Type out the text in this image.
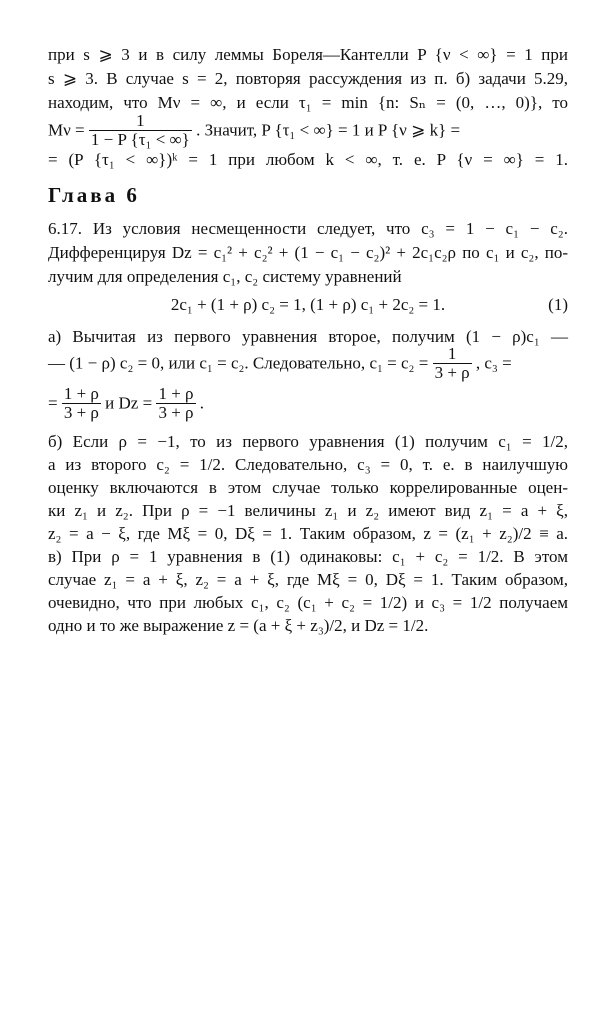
при s ⩾ 3 и в силу леммы Бореля—Кантелли P {ν < ∞} = 1 при
s ⩾ 3. В случае s = 2, повторяя рассуждения из п. б) задачи 5.29,
находим, что Mν = ∞, и если τ₁ = min {n: Sₙ = (0, …, 0)}, то
$M\nu = \frac{1}{\text{1 − P \{τ₁ < ∞\}}}$ . Значит, P {τ₁ < ∞} = 1 и P {ν ⩾ k} =
= (P {τ₁ < ∞})ᵏ = 1 при любом k < ∞, т. е. P {ν = ∞} = 1.
Глава 6
6.17. Из условия несмещенности следует, что c₃ = 1 − c₁ − c₂.
Дифференцируя Dz = c₁² + c₂² + (1 − c₁ − c₂)² + 2c₁c₂ρ по c₁ и c₂, по-
лучим для определения c₁, c₂ систему уравнений
2c₁ + (1 + ρ) c₂ = 1, (1 + ρ) c₁ + 2c₂ = 1.	(1)
а) Вычитая из первого уравнения второе, получим (1 − ρ)c₁ —
— (1 − ρ) c₂ = 0, или c₁ = c₂. Следовательно, $c_1 = c_2 = \frac{1}{3 + \rho}$ , c₃ =
= $\frac{1 + \rho}{3 + \rho}$ и $Dz = \frac{1 + \rho}{3 + \rho}$ .
б) Если ρ = −1, то из первого уравнения (1) получим c₁ = 1/2,
а из второго c₂ = 1/2. Следовательно, c₃ = 0, т. е. в наилучшую
оценку включаются в этом случае только коррелированные оцен-
ки z₁ и z₂. При ρ = −1 величины z₁ и z₂ имеют вид z₁ = a + ξ,
z₂ = a − ξ, где Mξ = 0, Dξ = 1. Таким образом, z = (z₁ + z₂)/2 ≡ a.
в) При ρ = 1 уравнения в (1) одинаковы: c₁ + c₂ = 1/2. В этом
случае z₁ = a + ξ, z₂ = a + ξ, где Mξ = 0, Dξ = 1. Таким образом,
очевидно, что при любых c₁, c₂ (c₁ + c₂ = 1/2) и c₃ = 1/2 получаем
одно и то же выражение z = (a + ξ + z₃)/2, и Dz = 1/2.
